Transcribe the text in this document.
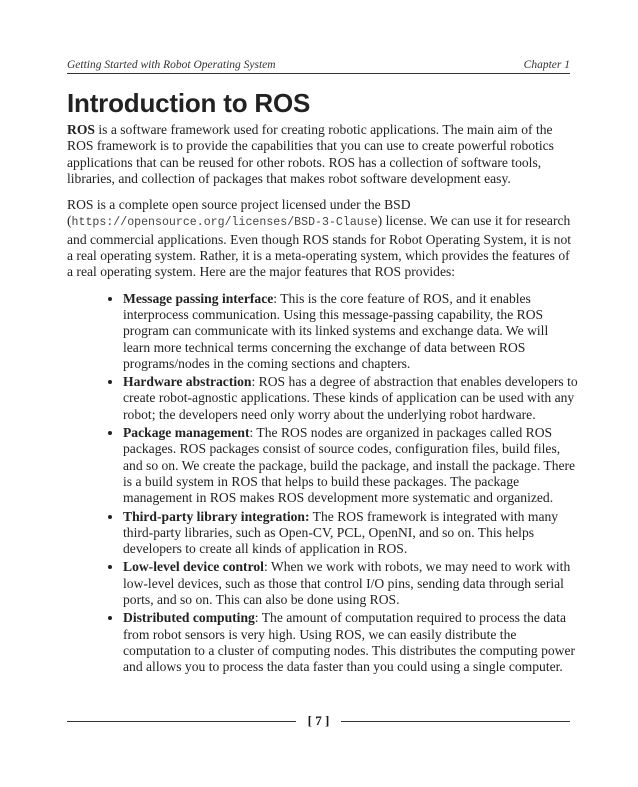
Getting Started with Robot Operating System	Chapter 1
Introduction to ROS

ROS is a software framework used for creating robotic applications. The main aim of the ROS framework is to provide the capabilities that you can use to create powerful robotics applications that can be reused for other robots. ROS has a collection of software tools, libraries, and collection of packages that makes robot software development easy.

ROS is a complete open source project licensed under the BSD (https://opensource.org/licenses/BSD-3-Clause) license. We can use it for research and commercial applications. Even though ROS stands for Robot Operating System, it is not a real operating system. Rather, it is a meta-operating system, which provides the features of a real operating system. Here are the major features that ROS provides:

• Message passing interface: This is the core feature of ROS, and it enables interprocess communication. Using this message-passing capability, the ROS program can communicate with its linked systems and exchange data. We will learn more technical terms concerning the exchange of data between ROS programs/nodes in the coming sections and chapters.
• Hardware abstraction: ROS has a degree of abstraction that enables developers to create robot-agnostic applications. These kinds of application can be used with any robot; the developers need only worry about the underlying robot hardware.
• Package management: The ROS nodes are organized in packages called ROS packages. ROS packages consist of source codes, configuration files, build files, and so on. We create the package, build the package, and install the package. There is a build system in ROS that helps to build these packages. The package management in ROS makes ROS development more systematic and organized.
• Third-party library integration: The ROS framework is integrated with many third-party libraries, such as Open-CV, PCL, OpenNI, and so on. This helps developers to create all kinds of application in ROS.
• Low-level device control: When we work with robots, we may need to work with low-level devices, such as those that control I/O pins, sending data through serial ports, and so on. This can also be done using ROS.
• Distributed computing: The amount of computation required to process the data from robot sensors is very high. Using ROS, we can easily distribute the computation to a cluster of computing nodes. This distributes the computing power and allows you to process the data faster than you could using a single computer.
[ 7 ]
